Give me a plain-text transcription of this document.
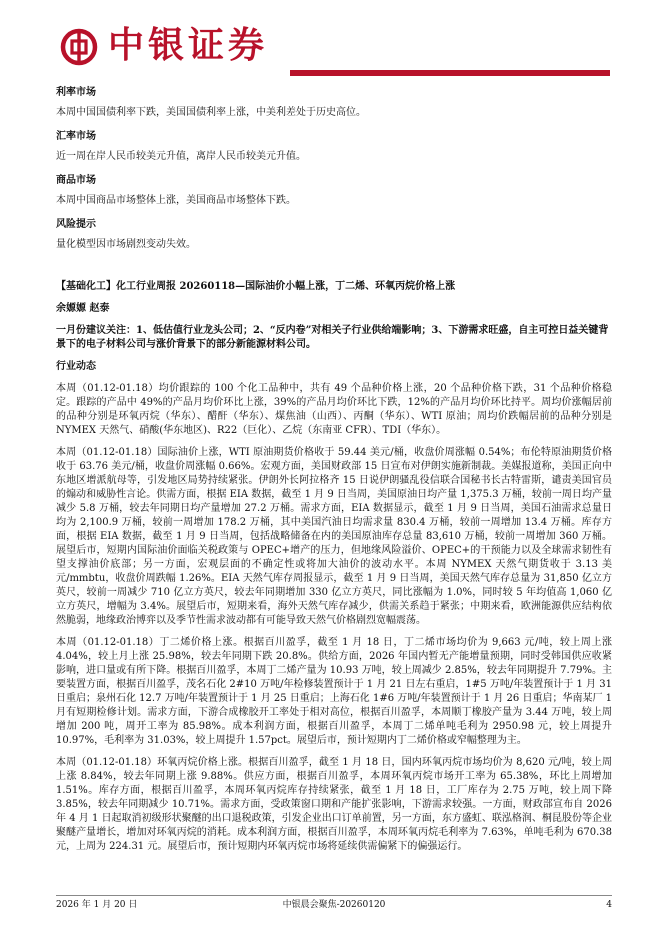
中银证券

利率市场

本周中国国债利率下跌，美国国债利率上涨，中美利差处于历史高位。

汇率市场

近一周在岸人民币较美元升值，离岸人民币较美元升值。

商品市场

本周中国商品市场整体上涨，美国商品市场整体下跌。

风险提示

量化模型因市场剧烈变动失效。

【基础化工】化工行业周报 20260118—国际油价小幅上涨，丁二烯、环氧丙烷价格上涨

余嫄嫄 赵泰

一月份建议关注：1、低估值行业龙头公司；2、“反内卷”对相关子行业供给端影响；3、下游需求旺盛，自主可控日益关键背景下的电子材料公司与涨价背景下的部分新能源材料公司。

行业动态

本周（01.12-01.18）均价跟踪的 100 个化工品种中，共有 49 个品种价格上涨，20 个品种价格下跌，31 个品种价格稳定。跟踪的产品中 49%的产品月均价环比上涨，39%的产品月均价环比下跌，12%的产品月均价环比持平。周均价涨幅居前的品种分别是环氧丙烷（华东）、醋酐（华东）、煤焦油（山西）、丙酮（华东）、WTI 原油；周均价跌幅居前的品种分别是 NYMEX 天然气、硝酸(华东地区)、R22（巨化）、乙烷（东南亚 CFR）、TDI（华东）。

本周（01.12-01.18）国际油价上涨，WTI 原油期货价格收于 59.44 美元/桶，收盘价周涨幅 0.54%；布伦特原油期货价格收于 63.76 美元/桶，收盘价周涨幅 0.66%。宏观方面，美国财政部 15 日宣布对伊朗实施新制裁。美媒报道称，美国正向中东地区增派航母等，引发地区局势持续紧张。伊朗外长阿拉格齐 15 日说伊朗骚乱役信联合国秘书长古特雷斯，谴责美国官员的煽动和威胁性言论。供需方面，根据 EIA 数据，截至 1 月 9 日当周，美国原油日均产量 1,375.3 万桶，较前一周日均产量减少 5.8 万桶，较去年同期日均产量增加 27.2 万桶。需求方面，EIA 数据显示，截至 1 月 9 日当周，美国石油需求总量日均为 2,100.9 万桶，较前一周增加 178.2 万桶，其中美国汽油日均需求量 830.4 万桶，较前一周增加 13.4 万桶。库存方面，根据 EIA 数据，截至 1 月 9 日当周，包括战略储备在内的美国原油库存总量 83,610 万桶，较前一周增加 360 万桶。展望后市，短期内国际油价面临关税政策与 OPEC+增产的压力，但地缘风险溢价、OPEC+的干预能力以及全球需求韧性有望支撑油价底部；另一方面，宏观层面的不确定性或将加大油价的波动水平。本周 NYMEX 天然气期货收于 3.13 美元/mmbtu，收盘价周跌幅 1.26%。EIA 天然气库存周报显示，截至 1 月 9 日当周，美国天然气库存总量为 31,850 亿立方英尺，较前一周减少 710 亿立方英尺，较去年同期增加 330 亿立方英尺，同比涨幅为 1.0%，同时较 5 年均值高 1,060 亿立方英尺，增幅为 3.4%。展望后市，短期来看，海外天然气库存减少，供需关系趋于紧张；中期来看，欧洲能源供应结构依然脆弱，地缘政治博弈以及季节性需求波动都有可能导致天然气价格剧烈宽幅震荡。

本周（01.12-01.18）丁二烯价格上涨。根据百川盈孚，截至 1 月 18 日，丁二烯市场均价为 9,663 元/吨，较上周上涨 4.04%，较上月上涨 25.98%，较去年同期下跌 20.8%。供给方面，2026 年国内暂无产能增量预期，同时受韩国供应收紧影响，进口量或有所下降。根据百川盈孚，本周丁二烯产量为 10.93 万吨，较上周减少 2.85%，较去年同期提升 7.79%。主要装置方面，根据百川盈孚，茂名石化 2#10 万吨/年检修装置预计于 1 月 21 日左右重启，1#5 万吨/年装置预计于 1 月 31 日重启；泉州石化 12.7 万吨/年装置预计于 1 月 25 日重启；上海石化 1#6 万吨/年装置预计于 1 月 26 日重启；华南某厂 1 月有短期检修计划。需求方面，下游合成橡胶开工率处于相对高位，根据百川盈孚，本周顺丁橡胶产量为 3.44 万吨，较上周增加 200 吨，周开工率为 85.98%。成本利润方面，根据百川盈孚，本周丁二烯单吨毛利为 2950.98 元，较上周提升 10.97%，毛利率为 31.03%，较上周提升 1.57pct。展望后市，预计短期内丁二烯价格或窄幅整理为主。

本周（01.12-01.18）环氧丙烷价格上涨。根据百川盈孚，截至 1 月 18 日，国内环氧丙烷市场均价为 8,620 元/吨，较上周上涨 8.84%，较去年同期上涨 9.88%。供应方面，根据百川盈孚，本周环氧丙烷市场开工率为 65.38%，环比上周增加 1.51%。库存方面，根据百川盈孚，本周环氧丙烷库存持续紧张，截至 1 月 18 日，工厂库存为 2.75 万吨，较上周下降 3.85%，较去年同期减少 10.71%。需求方面，受政策窗口期和产能扩张影响，下游需求较强。一方面，财政部宣布自 2026 年 4 月 1 日起取消初级形状聚醚的出口退税政策，引发企业出口订单前置，另一方面，东方盛虹、联泓格润、桐昆股份等企业聚醚产量增长，增加对环氧丙烷的消耗。成本利润方面，根据百川盈孚，本周环氧丙烷毛利率为 7.63%，单吨毛利为 670.38 元，上周为 224.31 元。展望后市，预计短期内环氧丙烷市场将延续供需偏紧下的偏强运行。

中银晨会聚焦-20260120
2026 年 1 月 20 日	4
